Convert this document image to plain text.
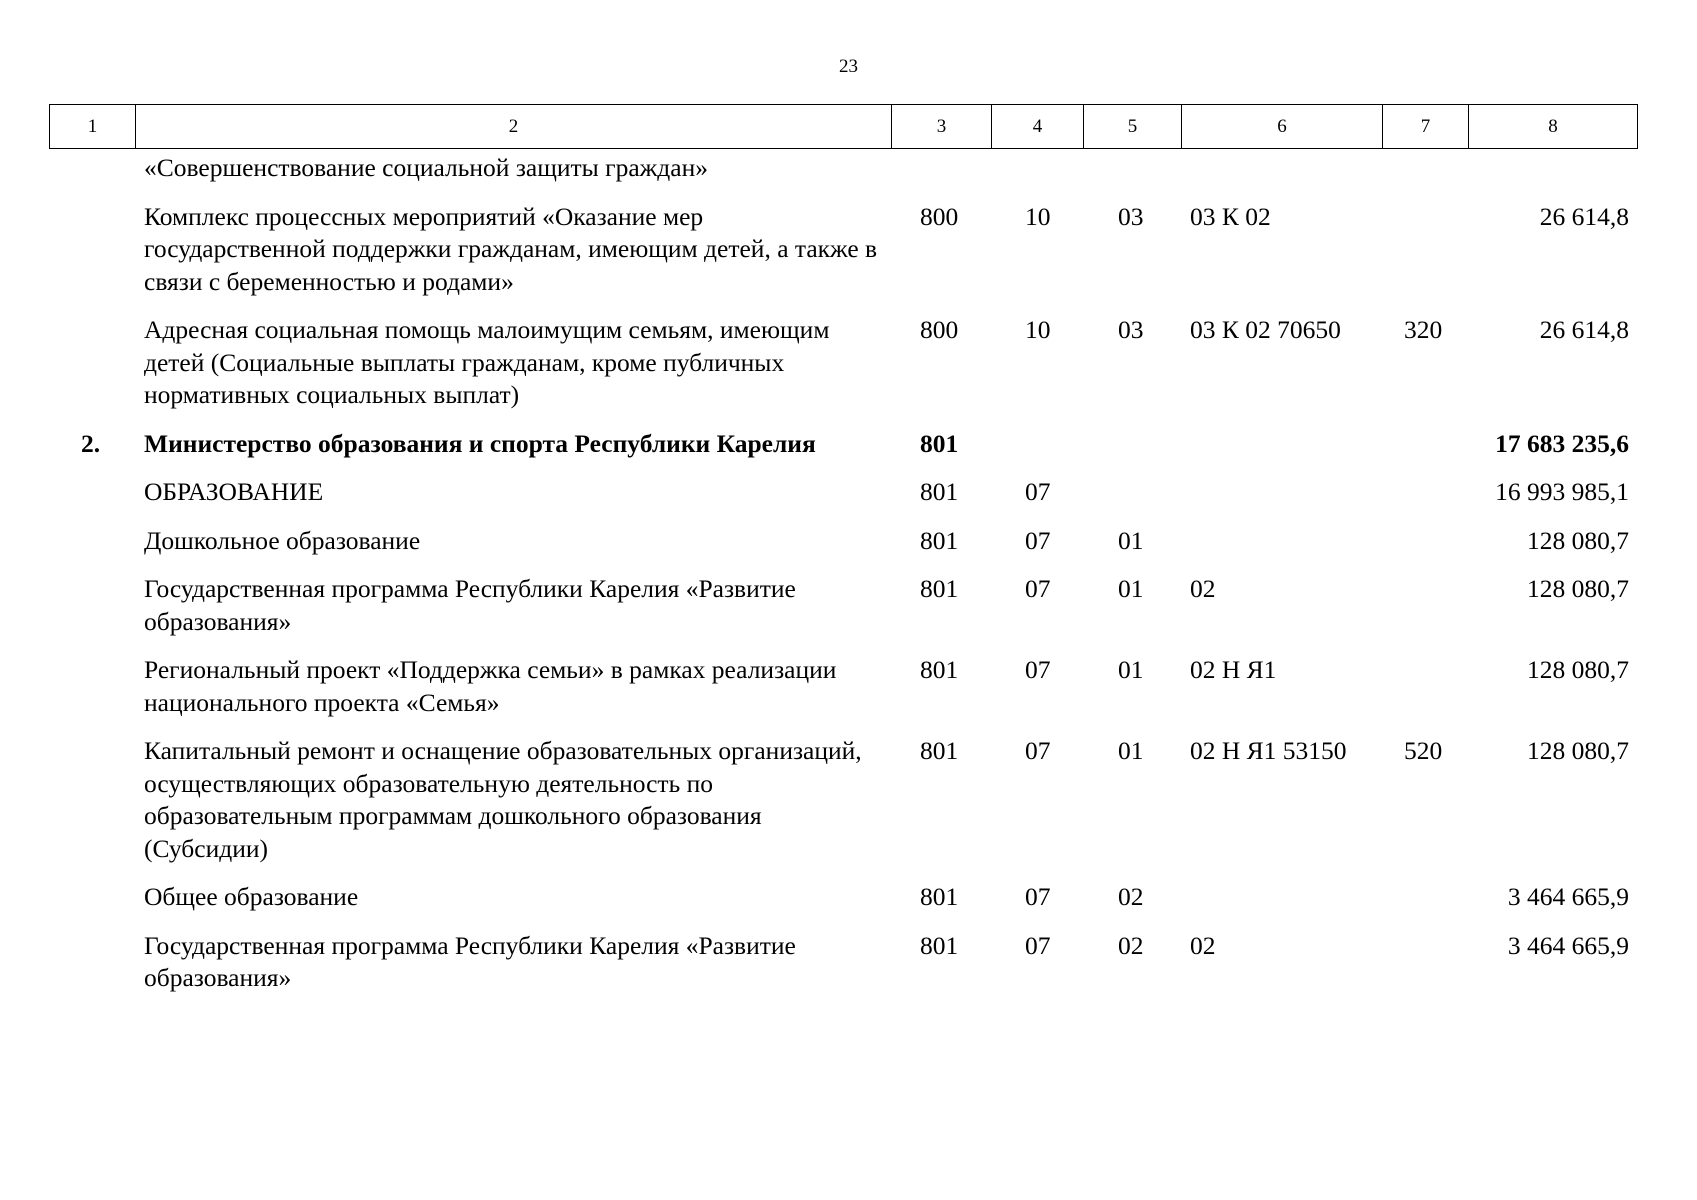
23
1	2	3	4	5	6	7	8
	«Совершенствование социальной защиты граждан»						
	Комплекс процессных мероприятий «Оказание мер государственной поддержки гражданам, имеющим детей, а также в связи с беременностью и родами»	800	10	03	03 К 02		26 614,8
	Адресная социальная помощь малоимущим семьям, имеющим детей (Социальные выплаты гражданам, кроме публичных нормативных социальных выплат)	800	10	03	03 К 02 70650	320	26 614,8
2.	Министерство образования и спорта Республики Карелия	801					17 683 235,6
	ОБРАЗОВАНИЕ	801	07				16 993 985,1
	Дошкольное образование	801	07	01			128 080,7
	Государственная программа Республики Карелия «Развитие образования»	801	07	01	02		128 080,7
	Региональный проект «Поддержка семьи» в рамках реализации национального проекта «Семья»	801	07	01	02 Н Я1		128 080,7
	Капитальный ремонт и оснащение образовательных организаций, осуществляющих образовательную деятельность по образовательным программам дошкольного образования (Субсидии)	801	07	01	02 Н Я1 53150	520	128 080,7
	Общее образование	801	07	02			3 464 665,9
	Государственная программа Республики Карелия «Развитие образования»	801	07	02	02		3 464 665,9
